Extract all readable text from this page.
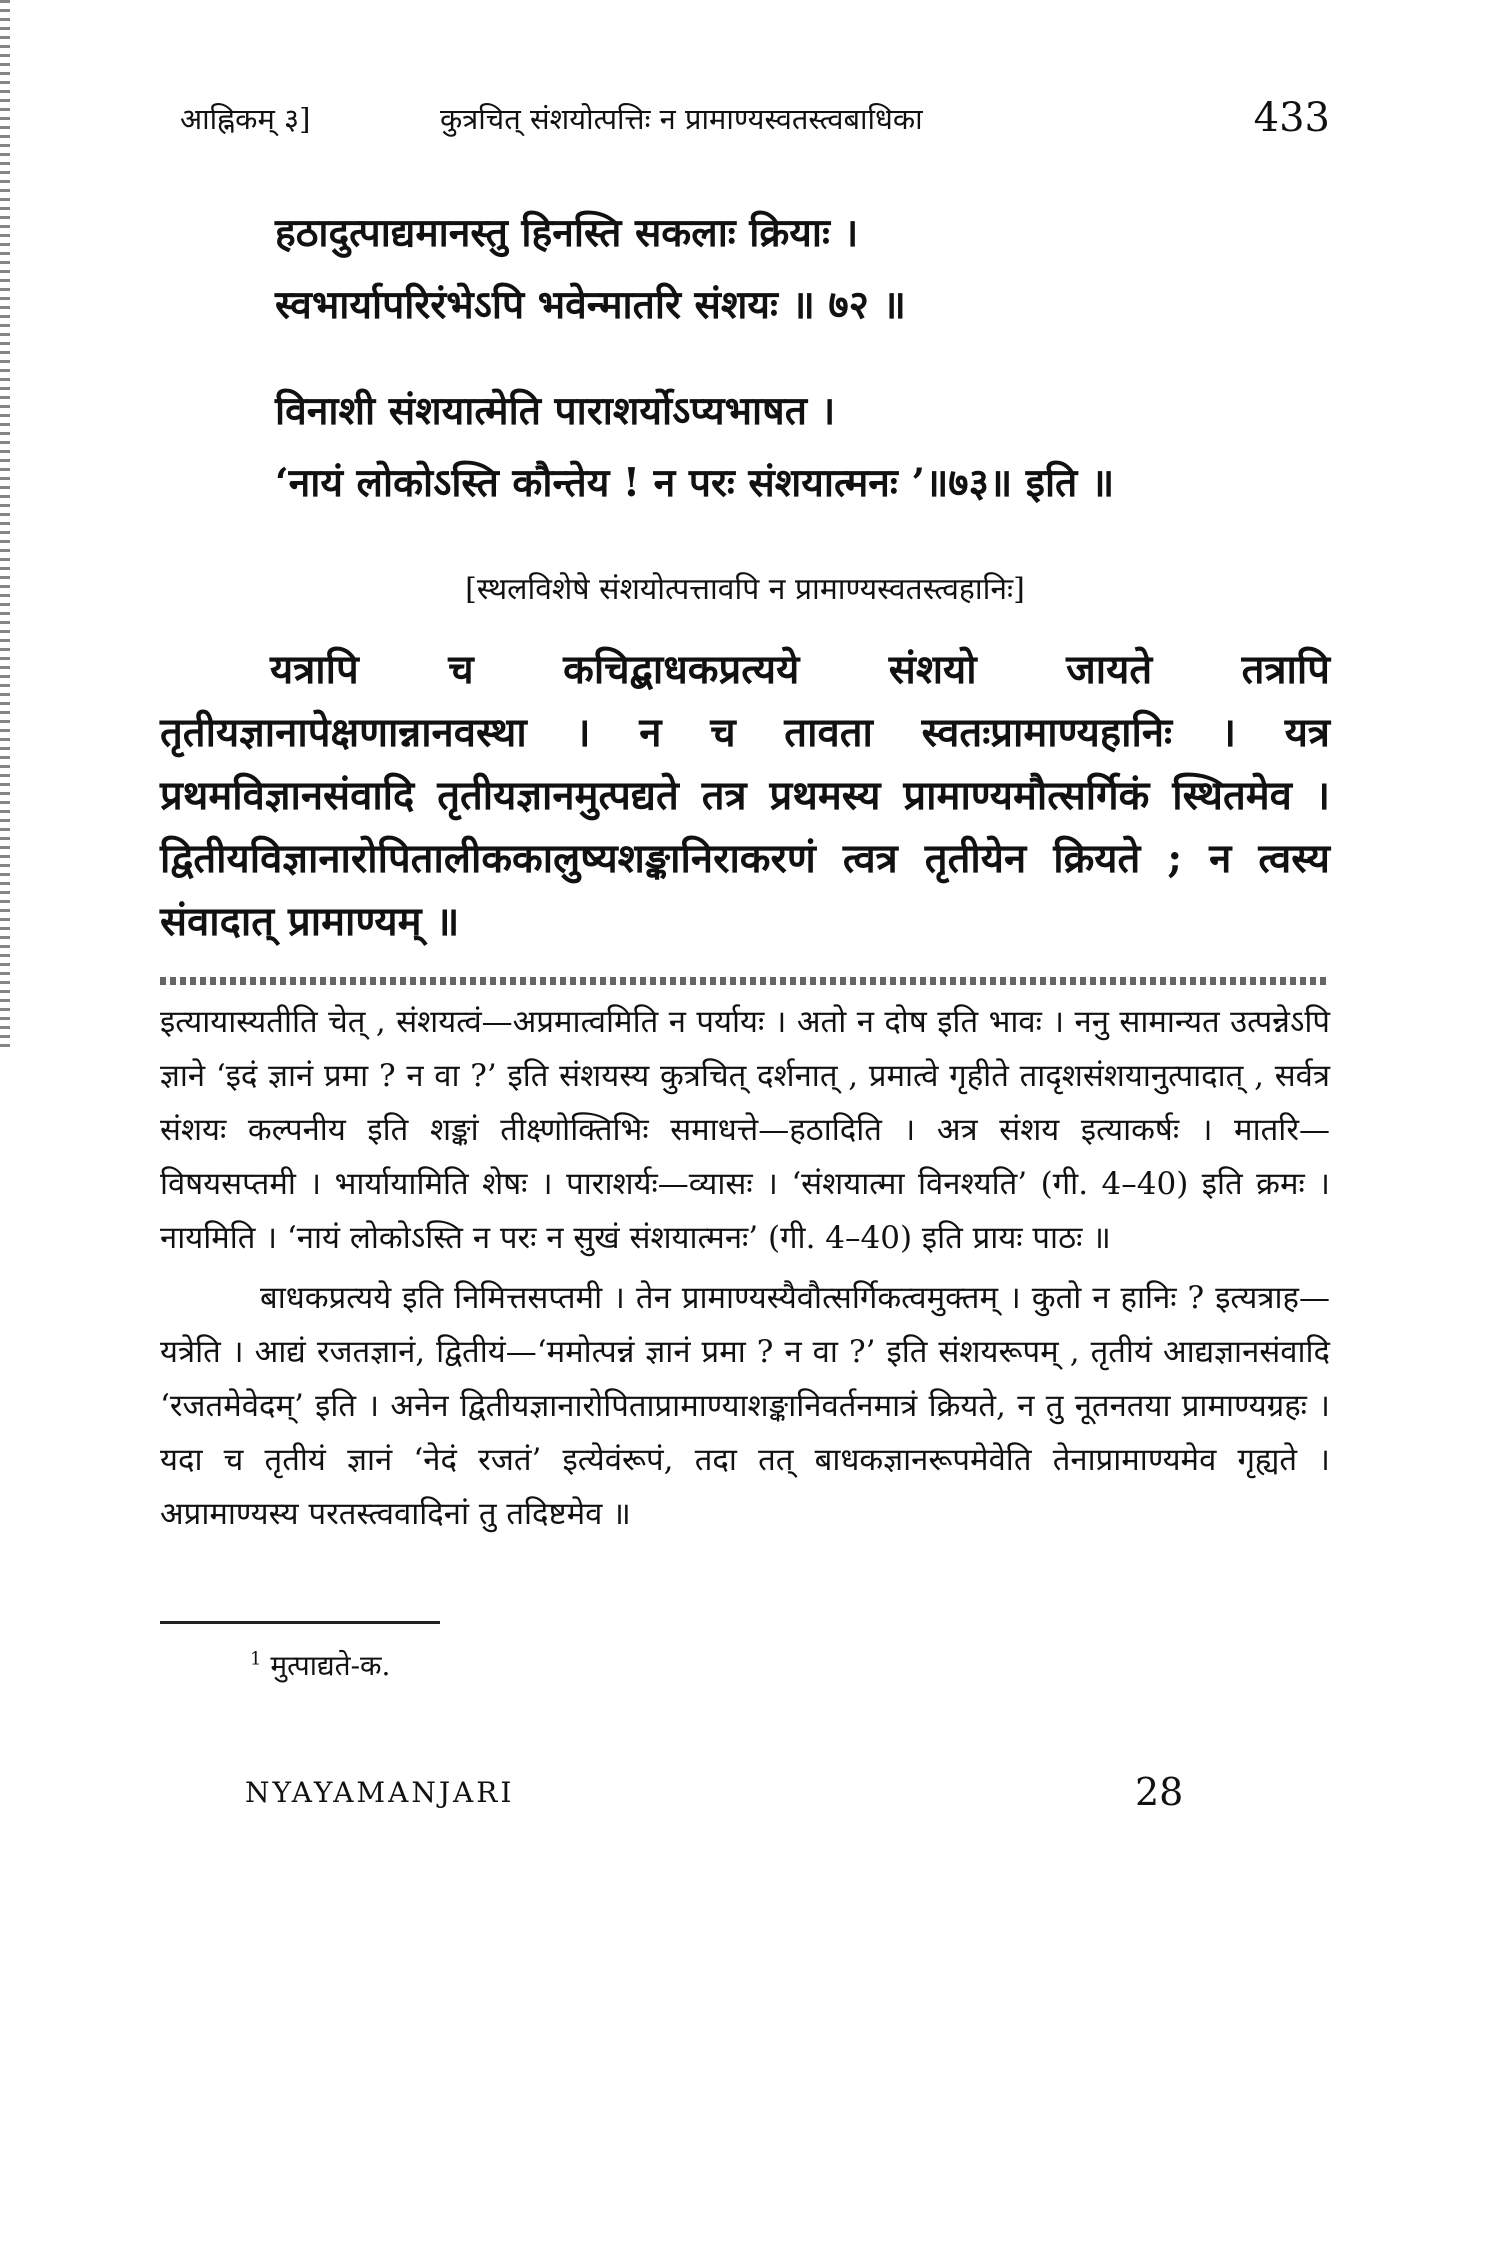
आह्निकम् ३]	कुत्रचित् संशयोत्पत्तिः न प्रामाण्यस्वतस्त्वबाधिका	433
हठादुत्पाद्यमानस्तु हिनस्ति सकलाः क्रियाः ।
स्वभार्यापरिरंभेऽपि भवेन्मातरि संशयः ॥ ७२ ॥
विनाशी संशयात्मेति पाराशर्योऽप्यभाषत ।
‘नायं लोकोऽस्ति कौन्तेय ! न परः संशयात्मनः ’॥७३॥ इति ॥
[स्थलविशेषे संशयोत्पत्तावपि न प्रामाण्यस्वतस्त्वहानिः]

यत्रापि च कचिद्बाधकप्रत्यये संशयो जायते तत्रापि तृतीयज्ञानापेक्षणान्नानवस्था । न च तावता स्वतःप्रामाण्यहानिः । यत्र प्रथमविज्ञानसंवादि तृतीयज्ञानमुत्पद्यते तत्र प्रथमस्य प्रामाण्यमौत्सर्गिकं स्थितमेव । द्वितीयविज्ञानारोपितालीककालुष्यशङ्कानिराकरणं त्वत्र तृतीयेन क्रियते ; न त्वस्य संवादात् प्रामाण्यम् ॥

इत्यायास्यतीति चेत् , संशयत्वं—अप्रमात्वमिति न पर्यायः । अतो न दोष इति भावः । ननु सामान्यत उत्पन्नेऽपि ज्ञाने ‘इदं ज्ञानं प्रमा ? न वा ?’ इति संशयस्य कुत्रचित् दर्शनात् , प्रमात्वे गृहीते तादृशसंशयानुत्पादात् , सर्वत्र संशयः कल्पनीय इति शङ्कां तीक्ष्णोक्तिभिः समाधत्ते—हठादिति । अत्र संशय इत्याकर्षः । मातरि—विषयसप्तमी । भार्यायामिति शेषः । पाराशर्यः—व्यासः । ‘संशयात्मा विनश्यति’ (गी. 4–40) इति क्रमः । नायमिति । ‘नायं लोकोऽस्ति न परः न सुखं संशयात्मनः’ (गी. 4–40) इति प्रायः पाठः ॥

बाधकप्रत्यये इति निमित्तसप्तमी । तेन प्रामाण्यस्यैवौत्सर्गिकत्वमुक्तम् । कुतो न हानिः ? इत्यत्राह—यत्रेति । आद्यं रजतज्ञानं, द्वितीयं—‘ममोत्पन्नं ज्ञानं प्रमा ? न वा ?’ इति संशयरूपम् , तृतीयं आद्यज्ञानसंवादि ‘रजतमेवेदम्’ इति । अनेन द्वितीयज्ञानारोपिताप्रामाण्याशङ्कानिवर्तनमात्रं क्रियते, न तु नूतनतया प्रामाण्यग्रहः । यदा च तृतीयं ज्ञानं ‘नेदं रजतं’ इत्येवंरूपं, तदा तत् बाधकज्ञानरूपमेवेति तेनाप्रामाण्यमेव गृह्यते । अप्रामाण्यस्य परतस्त्ववादिनां तु तदिष्टमेव ॥

$^1$ मुत्पाद्यते-क.
NYAYAMANJARI	28
